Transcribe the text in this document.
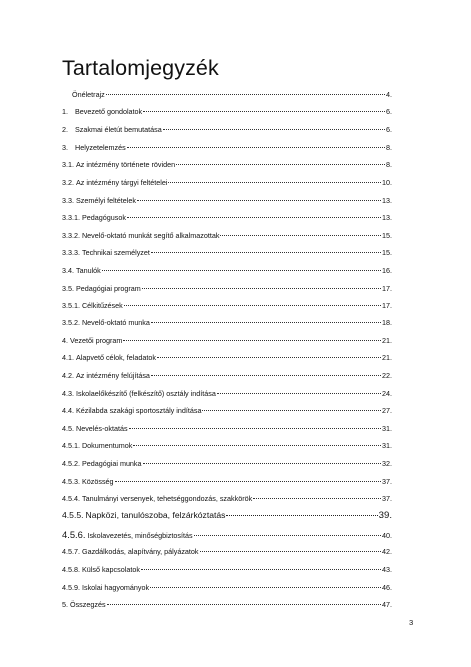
Tartalomjegyzék
Önéletrajz	4.
1. Bevezető gondolatok	6.
2. Szakmai életút bemutatása	6.
3. Helyzetelemzés	8.
3.1. Az intézmény története röviden	8.
3.2. Az intézmény tárgyi feltételei	10.
3.3. Személyi feltételek	13.
3.3.1. Pedagógusok	13.
3.3.2. Nevelő-oktató munkát segítő alkalmazottak	15.
3.3.3. Technikai személyzet	15.
3.4. Tanulók	16.
3.5. Pedagógiai program	17.
3.5.1. Célkitűzések	17.
3.5.2. Nevelő-oktató munka	18.
4. Vezetői program	21.
4.1. Alapvető célok, feladatok	21.
4.2. Az intézmény felújítása	22.
4.3. Iskolaelőkészítő (felkészítő) osztály indítása	24.
4.4. Kézilabda szakági sportosztály indítása	27.
4.5. Nevelés-oktatás	31.
4.5.1. Dokumentumok	31.
4.5.2. Pedagógiai munka	32.
4.5.3. Közösség	37.
4.5.4. Tanulmányi versenyek, tehetséggondozás, szakkörök	37.
4.5.5. Napközi, tanulószoba, felzárkóztatás	39.
4.5.6. Iskolavezetés, minőségbiztosítás	40.
4.5.7. Gazdálkodás, alapítvány, pályázatok	42.
4.5.8. Külső kapcsolatok	43.
4.5.9. Iskolai hagyományok	46.
5. Összegzés	47.
3
